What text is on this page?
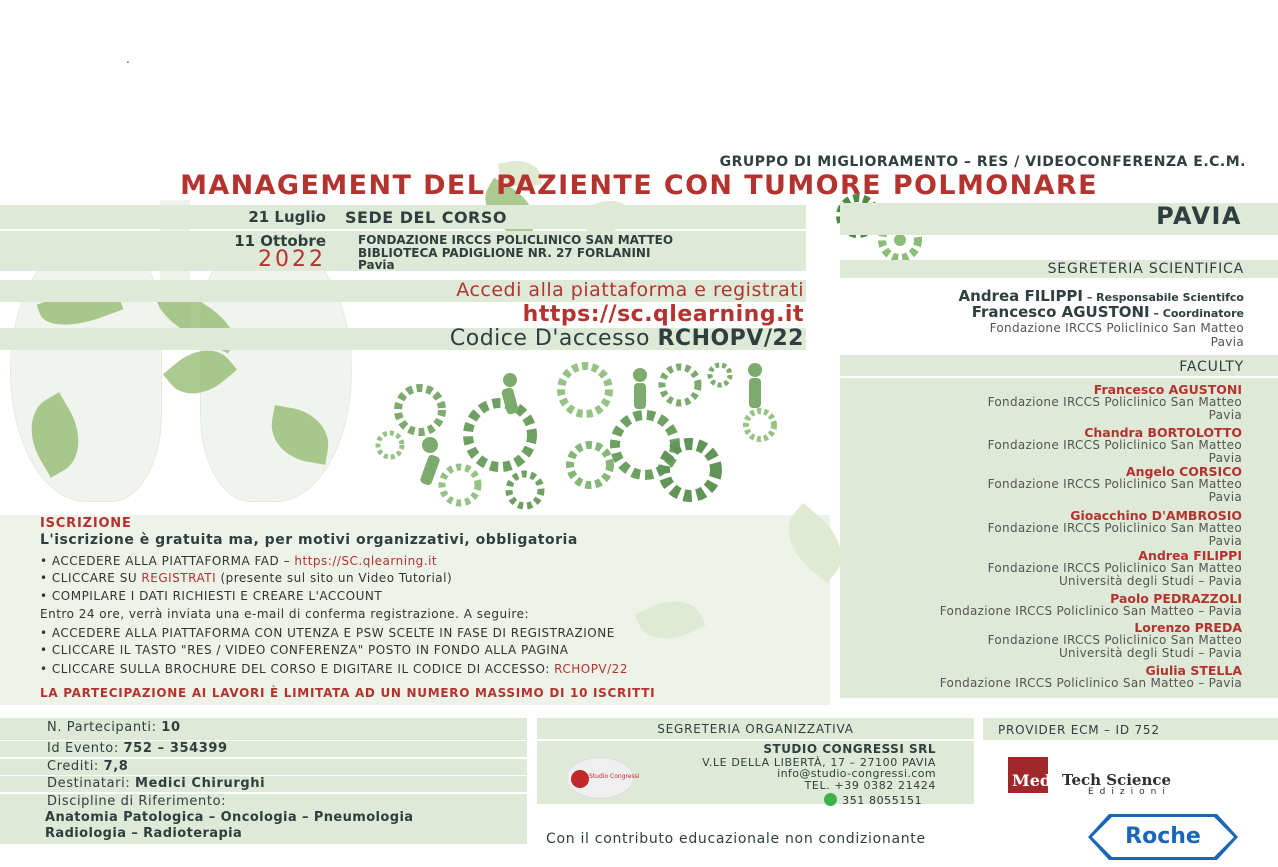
.
GRUPPO DI MIGLIORAMENTO – RES / VIDEOCONFERENZA E.C.M.
MANAGEMENT DEL PAZIENTE CON TUMORE POLMONARE
21 Luglio
11 Ottobre
2022
SEDE DEL CORSO
FONDAZIONE IRCCS POLICLINICO SAN MATTEO
BIBLIOTECA PADIGLIONE NR. 27 FORLANINI
Pavia
Accedi alla piattaforma e registrati
https://sc.qlearning.it
Codice D'accesso RCHOPV/22
PAVIA
SEGRETERIA SCIENTIFICA
Andrea FILIPPI – Responsabile Scientifco
Francesco AGUSTONI – Coordinatore
Fondazione IRCCS Policlinico San Matteo
Pavia
FACULTY
Francesco AGUSTONI
Fondazione IRCCS Policlinico San Matteo
Pavia
Chandra BORTOLOTTO
Fondazione IRCCS Policlinico San Matteo
Pavia
Angelo CORSICO
Fondazione IRCCS Policlinico San Matteo
Pavia
Gioacchino D'AMBROSIO
Fondazione IRCCS Policlinico San Matteo
Pavia
Andrea FILIPPI
Fondazione IRCCS Policlinico San Matteo
Università degli Studi – Pavia
Paolo PEDRAZZOLI
Fondazione IRCCS Policlinico San Matteo – Pavia
Lorenzo PREDA
Fondazione IRCCS Policlinico San Matteo
Università degli Studi – Pavia
Giulia STELLA
Fondazione IRCCS Policlinico San Matteo – Pavia
ISCRIZIONE
L'iscrizione è gratuita ma, per motivi organizzativi, obbligatoria
• ACCEDERE ALLA PIATTAFORMA FAD – https://SC.qlearning.it
• CLICCARE SU REGISTRATI (presente sul sito un Video Tutorial)
• COMPILARE I DATI RICHIESTI E CREARE L'ACCOUNT
Entro 24 ore, verrà inviata una e-mail di conferma registrazione. A seguire:
• ACCEDERE ALLA PIATTAFORMA CON UTENZA E PSW SCELTE IN FASE DI REGISTRAZIONE
• CLICCARE IL TASTO "RES / VIDEO CONFERENZA" POSTO IN FONDO ALLA PAGINA
• CLICCARE SULLA BROCHURE DEL CORSO E DIGITARE IL CODICE DI ACCESSO: RCHOPV/22
LA PARTECIPAZIONE AI LAVORI È LIMITATA AD UN NUMERO MASSIMO DI 10 ISCRITTI
N. Partecipanti: 10
Id Evento: 752 – 354399
Crediti: 7,8
Destinatari: Medici Chirurghi
Discipline di Riferimento:
Anatomia Patologica – Oncologia – Pneumologia
Radiologia – Radioterapia
SEGRETERIA ORGANIZZATIVA
STUDIO CONGRESSI SRL
V.LE DELLA LIBERTÀ, 17 – 27100 PAVIA
info@studio-congressi.com
TEL. +39 0382 21424
351 8055151
Studio Congressi
PROVIDER ECM – ID 752
Med Tech Science
Edizioni
Con il contributo educazionale non condizionante	Roche
